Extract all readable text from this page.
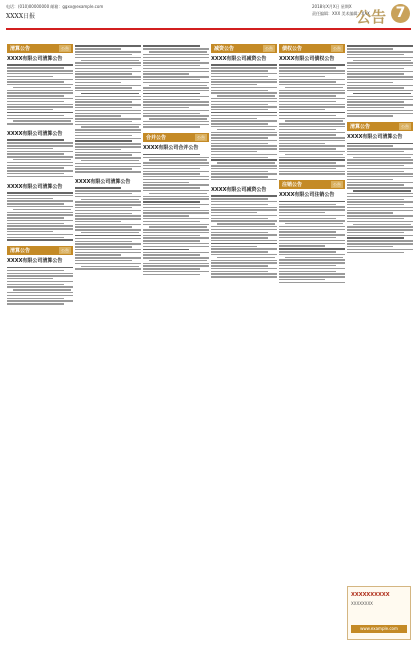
电话：(010)00000000 邮箱：ggxx@example.com
XXXX日报
2018年X月X日 星期X
责任编辑：XXX 美术编辑：XXX
公告 7
清算公告	公告
XXXX有限公司清算公告
XXXX有限公司清算公告
XXXX有限公司清算公告
清算公告	公告
XXXX有限公司清算公告
XXXX有限公司清算公告
合并公告	公告
XXXX有限公司合并公告
减资公告	公告
XXXX有限公司减资公告
XXXX有限公司减资公告
债权公告	公告
XXXX有限公司债权公告
注销公告	公告
XXXX有限公司注销公告
清算公告	公告
XXXX有限公司清算公告
XXXXXXXXXX
XXXXXXXX
www.example.com
